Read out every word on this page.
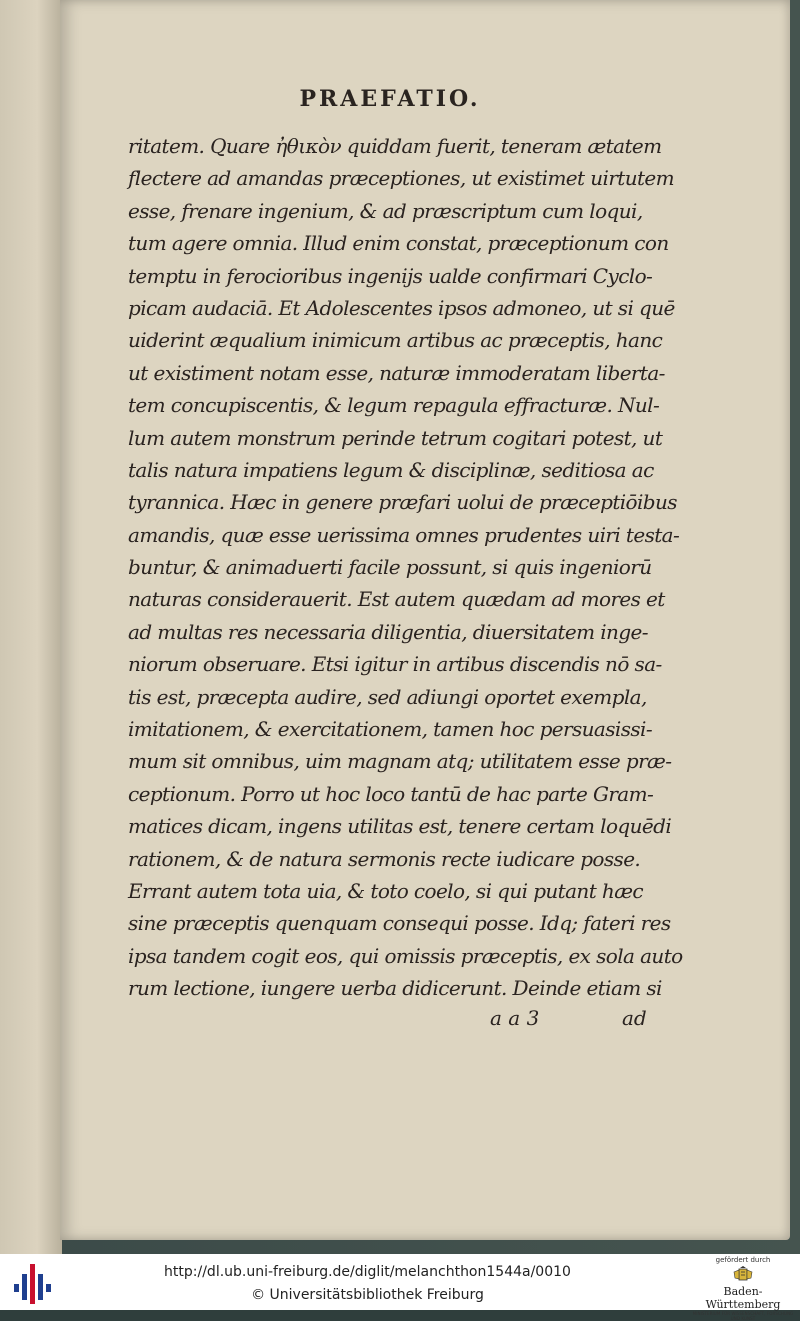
PRAEFATIO.
ritatem. Quare ἠθικὸν quiddam fuerit, teneram ætatem
flectere ad amandas præceptiones, ut existimet uirtutem
esse, frenare ingenium, & ad præscriptum cum loqui,
tum agere omnia. Illud enim constat, præceptionum con
temptu in ferocioribus ingenijs ualde confirmari Cyclo-
picam audaciā. Et Adolescentes ipsos admoneo, ut si quē
uiderint æqualium inimicum artibus ac præceptis, hanc
ut existiment notam esse, naturæ immoderatam liberta-
tem concupiscentis, & legum repagula effracturæ. Nul-
lum autem monstrum perinde tetrum cogitari potest, ut
talis natura impatiens legum & disciplinæ, seditiosa ac
tyrannica. Hæc in genere præfari uolui de præceptiōibus
amandis, quæ esse uerissima omnes prudentes uiri testa-
buntur, & animaduerti facile possunt, si quis ingeniorū
naturas considerauerit. Est autem quædam ad mores et
ad multas res necessaria diligentia, diuersitatem inge-
niorum obseruare. Etsi igitur in artibus discendis nō sa-
tis est, præcepta audire, sed adiungi oportet exempla,
imitationem, & exercitationem, tamen hoc persuasissi-
mum sit omnibus, uim magnam atq; utilitatem esse præ-
ceptionum. Porro ut hoc loco tantū de hac parte Gram-
matices dicam, ingens utilitas est, tenere certam loquēdi
rationem, & de natura sermonis recte iudicare posse.
Errant autem tota uia, & toto coelo, si qui putant hæc
sine præceptis quenquam consequi posse. Idq; fateri res
ipsa tandem cogit eos, qui omissis præceptis, ex sola auto
rum lectione, iungere uerba didicerunt. Deinde etiam si
a a 3	ad
http://dl.ub.uni-freiburg.de/diglit/melanchthon1544a/0010
© Universitätsbibliothek Freiburg
gefördert durch
Baden-Württemberg
MINISTERIUM FÜR WISSENSCHAFT, FORSCHUNG UND KUNST
